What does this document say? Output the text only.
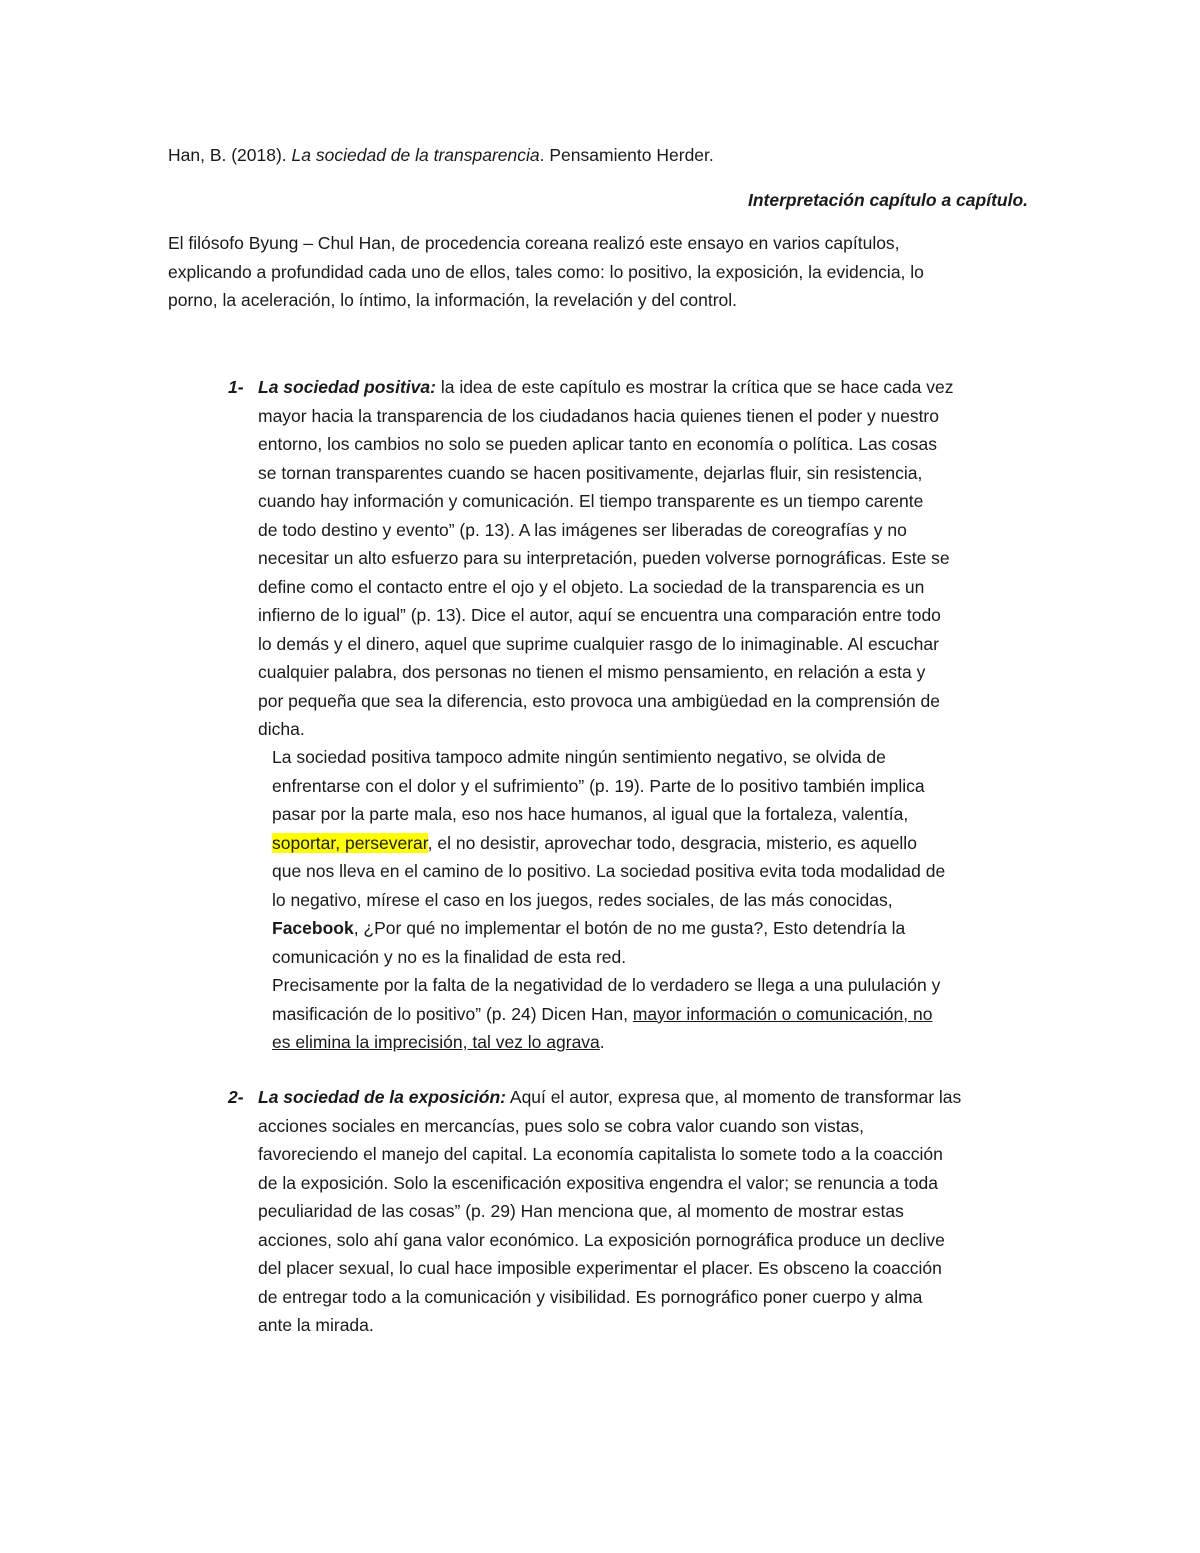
Han, B. (2018). La sociedad de la transparencia. Pensamiento Herder.
Interpretación capítulo a capítulo.
El filósofo Byung – Chul Han, de procedencia coreana realizó este ensayo en varios capítulos,
explicando a profundidad cada uno de ellos, tales como: lo positivo, la exposición, la evidencia, lo
porno, la aceleración, lo íntimo, la información, la revelación y del control.
1- La sociedad positiva: la idea de este capítulo es mostrar la crítica que se hace cada vez
mayor hacia la transparencia de los ciudadanos hacia quienes tienen el poder y nuestro
entorno, los cambios no solo se pueden aplicar tanto en economía o política. Las cosas
se tornan transparentes cuando se hacen positivamente, dejarlas fluir, sin resistencia,
cuando hay información y comunicación. El tiempo transparente es un tiempo carente
de todo destino y evento” (p. 13). A las imágenes ser liberadas de coreografías y no
necesitar un alto esfuerzo para su interpretación, pueden volverse pornográficas. Este se
define como el contacto entre el ojo y el objeto. La sociedad de la transparencia es un
infierno de lo igual” (p. 13). Dice el autor, aquí se encuentra una comparación entre todo
lo demás y el dinero, aquel que suprime cualquier rasgo de lo inimaginable. Al escuchar
cualquier palabra, dos personas no tienen el mismo pensamiento, en relación a esta y
por pequeña que sea la diferencia, esto provoca una ambigüedad en la comprensión de
dicha.
La sociedad positiva tampoco admite ningún sentimiento negativo, se olvida de
enfrentarse con el dolor y el sufrimiento” (p. 19). Parte de lo positivo también implica
pasar por la parte mala, eso nos hace humanos, al igual que la fortaleza, valentía,
soportar, perseverar, el no desistir, aprovechar todo, desgracia, misterio, es aquello
que nos lleva en el camino de lo positivo. La sociedad positiva evita toda modalidad de
lo negativo, mírese el caso en los juegos, redes sociales, de las más conocidas,
Facebook, ¿Por qué no implementar el botón de no me gusta?, Esto detendría la
comunicación y no es la finalidad de esta red.
Precisamente por la falta de la negatividad de lo verdadero se llega a una pululación y
masificación de lo positivo” (p. 24) Dicen Han, mayor información o comunicación, no
es elimina la imprecisión, tal vez lo agrava.
2- La sociedad de la exposición: Aquí el autor, expresa que, al momento de transformar las
acciones sociales en mercancías, pues solo se cobra valor cuando son vistas,
favoreciendo el manejo del capital. La economía capitalista lo somete todo a la coacción
de la exposición. Solo la escenificación expositiva engendra el valor; se renuncia a toda
peculiaridad de las cosas” (p. 29) Han menciona que, al momento de mostrar estas
acciones, solo ahí gana valor económico. La exposición pornográfica produce un declive
del placer sexual, lo cual hace imposible experimentar el placer. Es obsceno la coacción
de entregar todo a la comunicación y visibilidad. Es pornográfico poner cuerpo y alma
ante la mirada.
